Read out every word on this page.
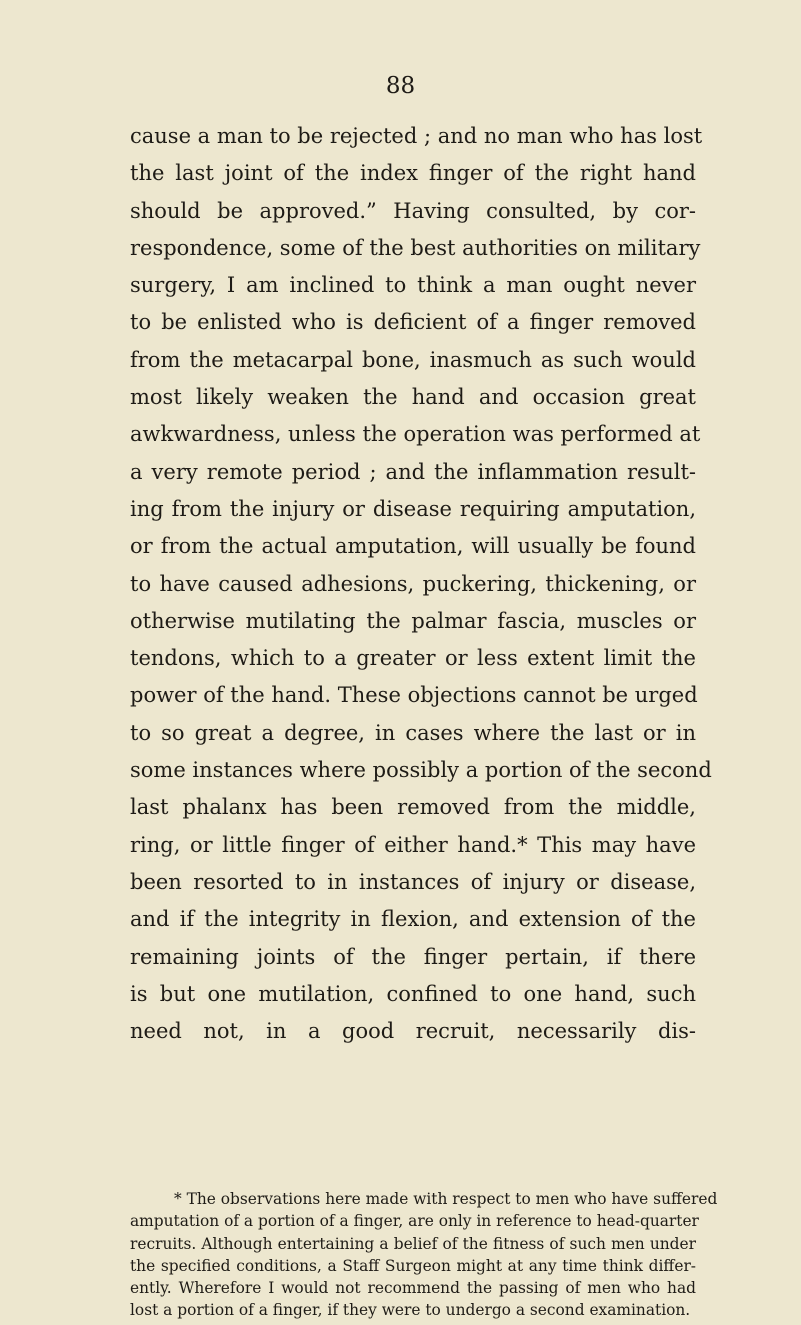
88
cause a man to be rejected ; and no man who has lost
the last joint of the index finger of the right hand
should be approved.” Having consulted, by cor-
respondence, some of the best authorities on military
surgery, I am inclined to think a man ought never
to be enlisted who is deficient of a finger removed
from the metacarpal bone, inasmuch as such would
most likely weaken the hand and occasion great
awkwardness, unless the operation was performed at
a very remote period ; and the inflammation result-
ing from the injury or disease requiring amputation,
or from the actual amputation, will usually be found
to have caused adhesions, puckering, thickening, or
otherwise mutilating the palmar fascia, muscles or
tendons, which to a greater or less extent limit the
power of the hand. These objections cannot be urged
to so great a degree, in cases where the last or in
some instances where possibly a portion of the second
last phalanx has been removed from the middle,
ring, or little finger of either hand.* This may have
been resorted to in instances of injury or disease,
and if the integrity in flexion, and extension of the
remaining joints of the finger pertain, if there
is but one mutilation, confined to one hand, such
need not, in a good recruit, necessarily dis-
* The observations here made with respect to men who have suffered
amputation of a portion of a finger, are only in reference to head-quarter
recruits. Although entertaining a belief of the fitness of such men under
the specified conditions, a Staff Surgeon might at any time think differ-
ently. Wherefore I would not recommend the passing of men who had
lost a portion of a finger, if they were to undergo a second examination.
